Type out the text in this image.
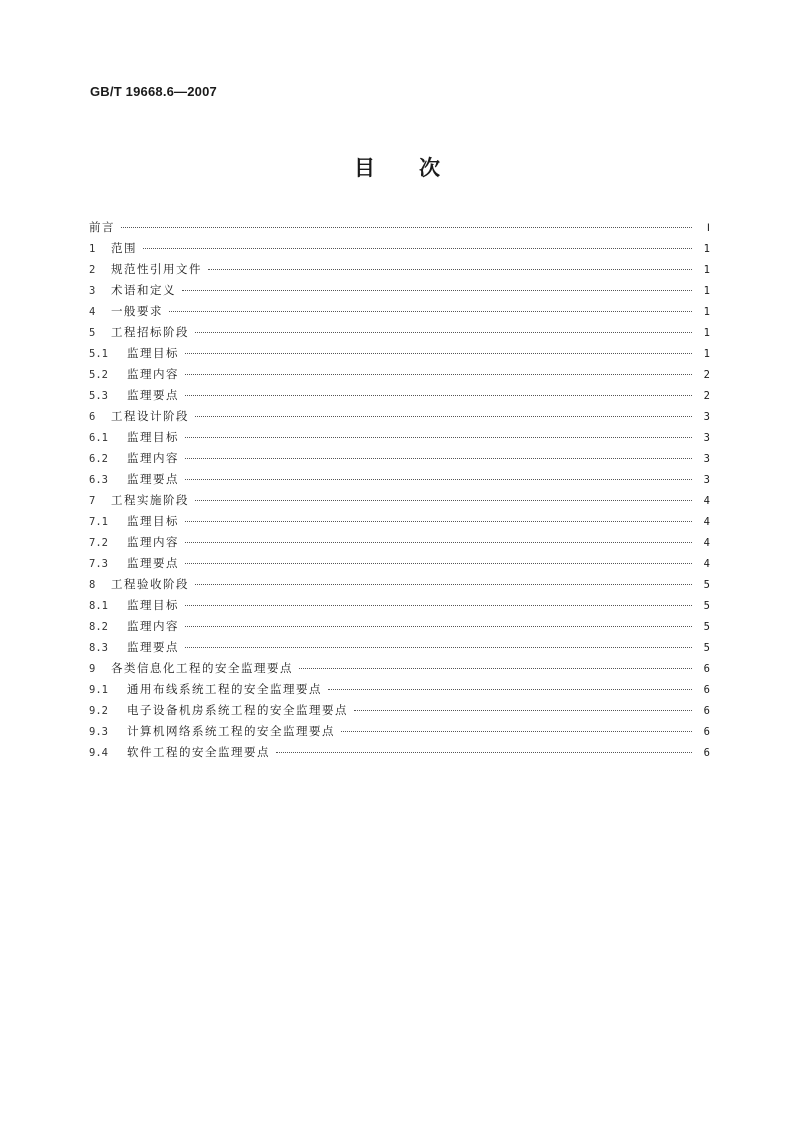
GB/T 19668.6—2007
目次
前言	Ⅰ
1	范围	1
2	规范性引用文件	1
3	术语和定义	1
4	一般要求	1
5	工程招标阶段	1
5.1	监理目标	1
5.2	监理内容	2
5.3	监理要点	2
6	工程设计阶段	3
6.1	监理目标	3
6.2	监理内容	3
6.3	监理要点	3
7	工程实施阶段	4
7.1	监理目标	4
7.2	监理内容	4
7.3	监理要点	4
8	工程验收阶段	5
8.1	监理目标	5
8.2	监理内容	5
8.3	监理要点	5
9	各类信息化工程的安全监理要点	6
9.1	通用布线系统工程的安全监理要点	6
9.2	电子设备机房系统工程的安全监理要点	6
9.3	计算机网络系统工程的安全监理要点	6
9.4	软件工程的安全监理要点	6
